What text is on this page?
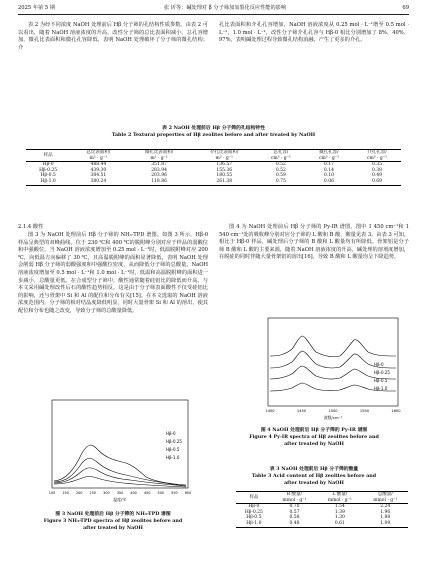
2025 年第 5 期	张 圻等：碱处理对 β 分子筛加氢裂化反应性能的影响	69
表 2 为经不同浓度 NaOH 处理前后 Hβ 分子筛的孔结构性质参数。由表 2 可以看出，随着 NaOH 溶液浓度的升高，改性分子筛的总比表面积减小、总孔容增加。微孔比表面积和微孔孔容降低，表明 NaOH 处理破坏了分子筛的微孔结构；介
孔比表面积和介孔孔容增加，NaOH 溶液浓度从 0.25 mol · L⁻¹增至 0.5 mol · L⁻¹，1.0 mol · L⁻¹，改性分子筛介孔孔容与 Hβ-0 相比分别增加了 8%、40%、97%，表明碱处理过程导致微孔结构消融，产生了更多的介孔。
表 2 NaOH 处理前后 Hβ 分子筛的孔结构特性
Table 2 Textural properties of Hβ zeolites before and after treated by NaOH
样品	总比表面积/	微孔比表面积/	介孔比表面积/	总孔容/	微孔孔容/	介孔孔容/
	m² · g⁻¹	m² · g⁻¹	m² · g⁻¹	cm³ · g⁻¹	cm³ · g⁻¹	cm³ · g⁻¹
Hβ-0	488.44	351.87	136.57	0.52	0.17	0.35
Hβ-0.25	439.30	283.94	155.36	0.52	0.14	0.38
Hβ-0.5	384.51	203.96	180.55	0.59	0.10	0.49
Hβ-1.0	380.24	118.86	261.38	0.75	0.06	0.69
2.1.4 酸性
图 3 为 NaOH 处理前后 Hβ 分子筛的 NH₃-TPD 谱图。如图 3 所示，Hβ-0 样品呈典型的双峰曲线，位于 230 ℃和 400 ℃的脱附峰分别对应于样品的弱酸位和中强酸位。当 NaOH 溶液浓度增加至 0.25 mol · L⁻¹时，低温脱附峰对应 200 ℃，向低温方向偏移了 30 ℃，且高温脱附峰的面积显著降低，表明 NaOH 处理会削弱 Hβ 分子筛的弱酸强度和中强酸位密度，从而降低分子筛的总酸量。NaOH 溶液浓度增加至 0.5 mol · L⁻¹和 1.0 mol · L⁻¹时，低温和高温脱附峰的面积进一步减小，总酸量更低。在合成型分子筛中，酸性通常随着硅铝比的降低而升高，与本文采用碱处理改性后石的酸性趋势相反。这是由于分子筛表面酸性不仅受硅铝比的影响，还与骨架中 Si 和 Al 的配位和分布有关[15]。在本文选取的 NaOH 溶液浓度范围内，分子筛的相对结晶度降低明显，同时大量骨架 Si 和 Al 的溶出，使其配位和分布也随之改变，导致分子筛的总酸量降低。
图 4 为 NaOH 处理前后 Hβ 分子筛的 Py-IR 谱图。图中 1 450 cm⁻¹和 1 540 cm⁻¹处的吸收峰分别对应分子筛的 L 酸和 B 酸，酸量见表 3。由表 3 可知，相比于 Hβ-0 样品，碱处理后分子筛的 B 酸和 L 酸量均有所降低。骨架铝是分子筛 B 酸和 L 酸的主要来源，随着 NaOH 溶液浓度的升高，碱处理的溶剂度增加，在脱硅的同时伴随大量骨架铝的溶出[16]，导致 B 酸和 L 酸量均呈下降趋势。
Hβ-0
Hβ-0.25
Hβ-0.5
Hβ-1.0
100 150 200 250 300 350 400 450 500 550 600
温度/℃
图 3 NaOH 处理前后 Hβ 分子筛的 NH₃-TPD 谱图
Figure 3 NH₃-TPD spectra of Hβ zeolites before and
after treated by NaOH
Hβ-0
Hβ-0.25
Hβ-0.5
Hβ-1.0
1400	1450	1500	1550	1600
波数/cm⁻¹
图 4 NaOH 处理前后 Hβ 分子筛的 Py-IR 谱图
Figure 4 Py-IR spectra of Hβ zeolites before and
after treated by NaOH
表 3 NaOH 处理前后 Hβ 分子筛的酸量
Table 3 Acid content of Hβ zeolites before and
after treated by NaOH
样品	B 酸量/	L 酸量/	总酸量/
	mmol · g⁻¹	mmol · g⁻¹	mmol · g⁻¹
Hβ-0	0.70	1.54	2.24
Hβ-0.25	0.57	1.39	1.96
Hβ-0.5	0.58	1.30	1.88
Hβ-1.0	0.48	0.61	1.09
